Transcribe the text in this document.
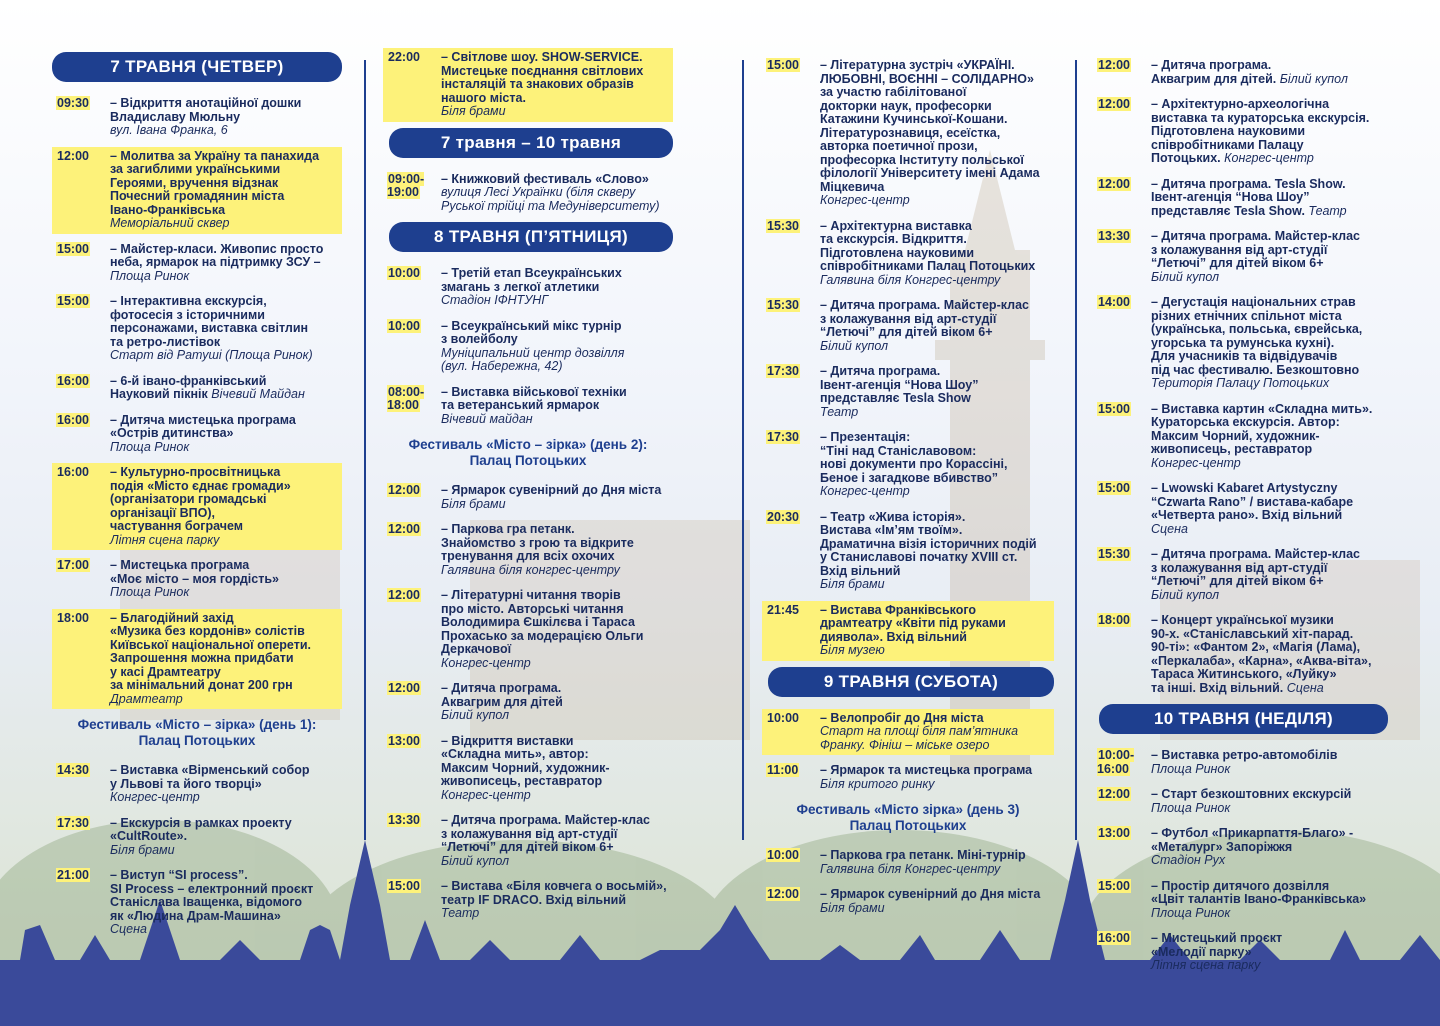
7 ТРАВНЯ (ЧЕТВЕР)
09:30	– Відкриття анотаційної дошки
Владиславу Мюльну
вул. Івана Франка, 6
12:00	– Молитва за Україну та панахида
за загиблими українськими
Героями, вручення відзнак
Почесний громадянин міста
Івано-Франківська
Меморіальний сквер
15:00	– Майстер-класи. Живопис просто
неба, ярмарок на підтримку ЗСУ –
Площа Ринок
15:00	– Інтерактивна екскурсія,
фотосесія з історичними
персонажами, виставка світлин
та ретро-листівок
Старт від Ратуші (Площа Ринок)
16:00	– 6-й івано-франківський
Науковий пікнік Вічевий Майдан
16:00	– Дитяча мистецька програма
«Острів дитинства»
Площа Ринок
16:00	– Культурно-просвітницька
подія «Місто єднає громади»
(організатори громадські
організації ВПО),
частування бограчем
Літня сцена парку
17:00	– Мистецька програма
«Моє місто – моя гордість»
Площа Ринок
18:00	– Благодійний захід
«Музика без кордонів» солістів
Київської національної оперети.
Запрошення можна придбати
у касі Драмтеатру
за мінімальний донат 200 грн
Драмтеатр
Фестиваль «Місто – зірка» (день 1):
Палац Потоцьких
14:30	– Виставка «Вірменський собор
у Львові та його творці»
Конгрес-центр
17:30	– Екскурсія в рамках проекту
«CultRoute».
Біля брами
21:00	– Виступ “SI process”.
SI Process – електронний проєкт
Станіслава Іващенка, відомого
як «Людина Драм-Машина»
Сцена
22:00	– Світлове шоу. SHOW-SERVICE.
Мистецьке поєднання світлових
інсталяцій та знакових образів
нашого міста.
Біля брами
7 травня – 10 травня
09:00-
19:00
– Книжковий фестиваль «Слово»
вулиця Лесі Українки (біля скверу
Руської трійці та Медуніверситету)
8 ТРАВНЯ (П’ЯТНИЦЯ)
10:00	– Третій етап Всеукраїнських
змагань з легкої атлетики
Стадіон ІФНТУНГ
10:00	– Всеукраїнський мікс турнір
з волейболу
Муніципальний центр дозвілля
(вул. Набережна, 42)
08:00-
18:00
– Виставка військової техніки
та ветеранський ярмарок
Вічевий майдан
Фестиваль «Місто – зірка» (день 2):
Палац Потоцьких
12:00	– Ярмарок сувенірний до Дня міста
Біля брами
12:00	– Паркова гра петанк.
Знайомство з грою та відкрите
тренування для всіх охочих
Галявина біля конгрес-центру
12:00	– Літературні читання творів
про місто. Авторські читання
Володимира Єшкілєва і Тараса
Прохасько за модерацією Ольги
Деркачової
Конгрес-центр
12:00	– Дитяча програма.
Аквагрим для дітей
Білий купол
13:00	– Відкриття виставки
«Складна мить», автор:
Максим Чорний, художник-
живописець, реставратор
Конгрес-центр
13:30	– Дитяча програма. Майстер-клас
з колажування від арт-студії
“Летючі” для дітей віком 6+
Білий купол
15:00	– Вистава «Біля ковчега о восьмій»,
театр IF DRACO. Вхід вільний
Театр
15:00	– Літературна зустріч «УКРАЇНІ.
ЛЮБОВНІ, ВОЄННІ – СОЛІДАРНО»
за участю габілітованої
докторки наук, професорки
Катажини Кучинської-Кошани.
Літературознавиця, есеїстка,
авторка поетичної прози,
професорка Інституту польської
філології Університету імені Адама
Міцкевича
Конгрес-центр
15:30	– Архітектурна виставка
та екскурсія. Відкриття.
Підготовлена науковими
співробітниками Палац Потоцьких
Галявина біля Конгрес-центру
15:30	– Дитяча програма. Майстер-клас
з колажування від арт-студії
“Летючі” для дітей віком 6+
Білий купол
17:30	– Дитяча програма.
Івент-агенція “Нова Шоу”
представляє Tesla Show
Театр
17:30	– Презентація:
“Тіні над Станіславовом:
нові документи про Корассіні,
Беное і загадкове вбивство”
Конгрес-центр
20:30	– Театр «Жива історія».
Вистава «Ім’ям твоїм».
Драматична візія історичних подій
у Станиславові початку XVIII ст.
Вхід вільний
Біля брами
21:45	– Вистава Франківського
драмтеатру «Квіти під руками
диявола». Вхід вільний
Біля музею
9 ТРАВНЯ (СУБОТА)
10:00	– Велопробіг до Дня міста
Старт на площі біля пам’ятника
Франку. Фініш – міське озеро
11:00	– Ярмарок та мистецька програма
Біля критого ринку
Фестиваль «Місто зірка» (день 3)
Палац Потоцьких
10:00	– Паркова гра петанк. Міні-турнір
Галявина біля Конгрес-центру
12:00	– Ярмарок сувенірний до Дня міста
Біля брами
12:00	– Дитяча програма.
Аквагрим для дітей. Білий купол
12:00	– Архітектурно-археологічна
виставка та кураторська екскурсія.
Підготовлена науковими
співробітниками Палацу
Потоцьких. Конгрес-центр
12:00	– Дитяча програма. Tesla Show.
Івент-агенція “Нова Шоу”
представляє Tesla Show. Театр
13:30	– Дитяча програма. Майстер-клас
з колажування від арт-студії
“Летючі” для дітей віком 6+
Білий купол
14:00	– Дегустація національних страв
різних етнічних спільнот міста
(українська, польська, єврейська,
угорська та румунська кухні).
Для учасників та відвідувачів
під час фестивалю. Безкоштовно
Територія Палацу Потоцьких
15:00	– Виставка картин «Складна мить».
Кураторська екскурсія. Автор:
Максим Чорний, художник-
живописець, реставратор
Конгрес-центр
15:00	– Lwowski Kabaret Artystyczny
“Czwarta Rano” / вистава-кабаре
«Четверта рано». Вхід вільний
Сцена
15:30	– Дитяча програма. Майстер-клас
з колажування від арт-студії
“Летючі” для дітей віком 6+
Білий купол
18:00	– Концерт української музики
90-х. «Станіславський хіт-парад.
90-ті»: «Фантом 2», «Магія (Лама),
«Перкалаба», «Карна», «Аква-віта»,
Тараса Житинського, «Луйку»
та інші. Вхід вільний. Сцена
10 ТРАВНЯ (НЕДІЛЯ)
10:00-
16:00
– Виставка ретро-автомобілів
Площа Ринок
12:00	– Старт безкоштовних екскурсій
Площа Ринок
13:00	– Футбол «Прикарпаття-Благо» -
«Металург» Запоріжжя
Стадіон Рух
15:00	– Простір дитячого дозвілля
«Цвіт талантів Івано-Франківська»
Площа Ринок
16:00	– Мистецький проєкт
«Мелодії парку»
Літня сцена парку
